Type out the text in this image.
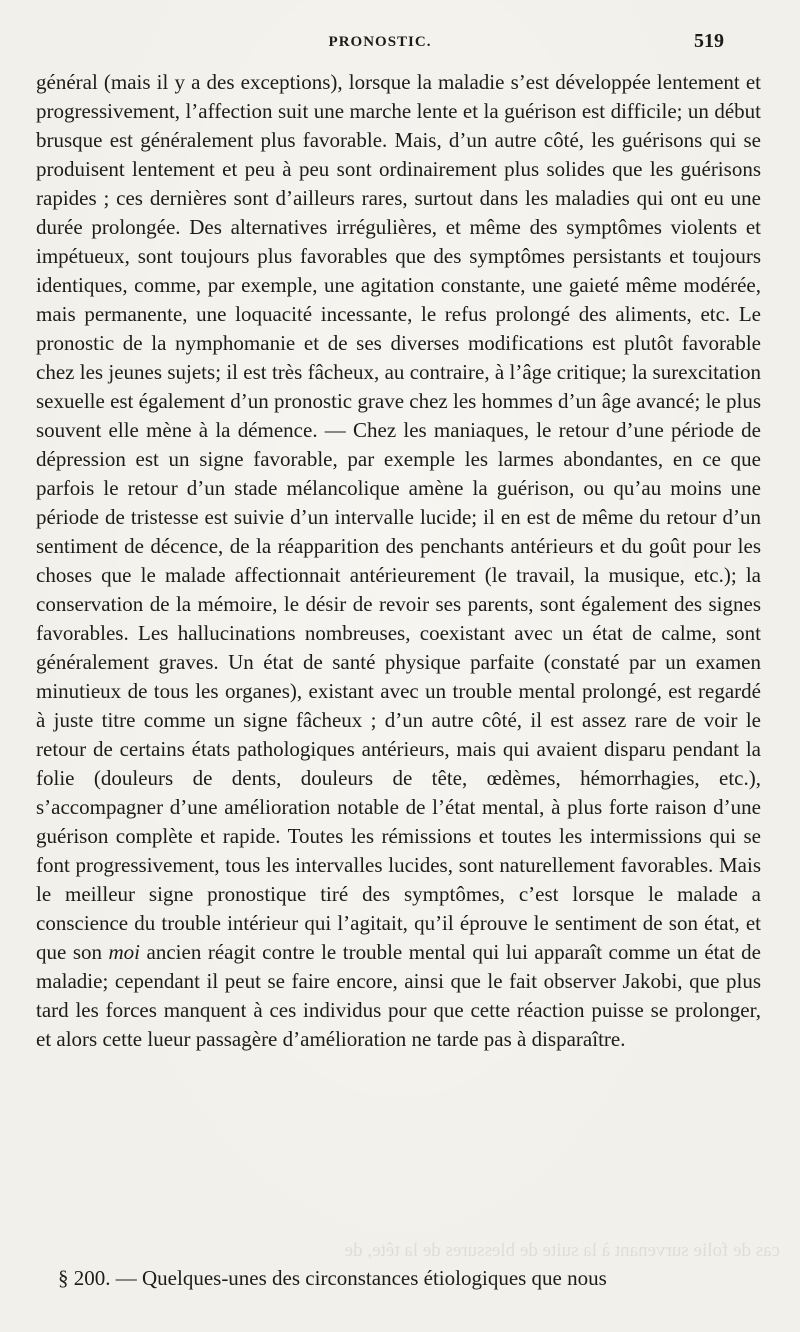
PRONOSTIC.	519
cas de folie survenant à la suite de blessures de la tête, de

général (mais il y a des exceptions), lorsque la maladie s’est développée lentement et progressivement, l’affection suit une marche lente et la guérison est difficile; un début brusque est généralement plus favorable. Mais, d’un autre côté, les guérisons qui se produisent lentement et peu à peu sont ordinairement plus solides que les guérisons rapides ; ces dernières sont d’ailleurs rares, surtout dans les maladies qui ont eu une durée prolongée. Des alternatives irrégulières, et même des symptômes violents et impétueux, sont toujours plus favorables que des symptômes persistants et toujours identiques, comme, par exemple, une agitation constante, une gaieté même modérée, mais permanente, une loquacité incessante, le refus prolongé des aliments, etc. Le pronostic de la nymphomanie et de ses diverses modifications est plutôt favorable chez les jeunes sujets; il est très fâcheux, au contraire, à l’âge critique; la surexcitation sexuelle est également d’un pronostic grave chez les hommes d’un âge avancé; le plus souvent elle mène à la démence. — Chez les maniaques, le retour d’une période de dépression est un signe favorable, par exemple les larmes abondantes, en ce que parfois le retour d’un stade mélancolique amène la guérison, ou qu’au moins une période de tristesse est suivie d’un intervalle lucide; il en est de même du retour d’un sentiment de décence, de la réapparition des penchants antérieurs et du goût pour les choses que le malade affectionnait antérieurement (le travail, la musique, etc.); la conservation de la mémoire, le désir de revoir ses parents, sont également des signes favorables. Les hallucinations nombreuses, coexistant avec un état de calme, sont généralement graves. Un état de santé physique parfaite (constaté par un examen minutieux de tous les organes), existant avec un trouble mental prolongé, est regardé à juste titre comme un signe fâcheux ; d’un autre côté, il est assez rare de voir le retour de certains états pathologiques antérieurs, mais qui avaient disparu pendant la folie (douleurs de dents, douleurs de tête, œdèmes, hémorrhagies, etc.), s’accompagner d’une amélioration notable de l’état mental, à plus forte raison d’une guérison complète et rapide. Toutes les rémissions et toutes les intermissions qui se font progressivement, tous les intervalles lucides, sont naturellement favorables. Mais le meilleur signe pronostique tiré des symptômes, c’est lorsque le malade a conscience du trouble intérieur qui l’agitait, qu’il éprouve le sentiment de son état, et que son moi ancien réagit contre le trouble mental qui lui apparaît comme un état de maladie; cependant il peut se faire encore, ainsi que le fait observer Jakobi, que plus tard les forces manquent à ces individus pour que cette réaction puisse se prolonger, et alors cette lueur passagère d’amélioration ne tarde pas à disparaître.

§ 200. — Quelques-unes des circonstances étiologiques que nous
